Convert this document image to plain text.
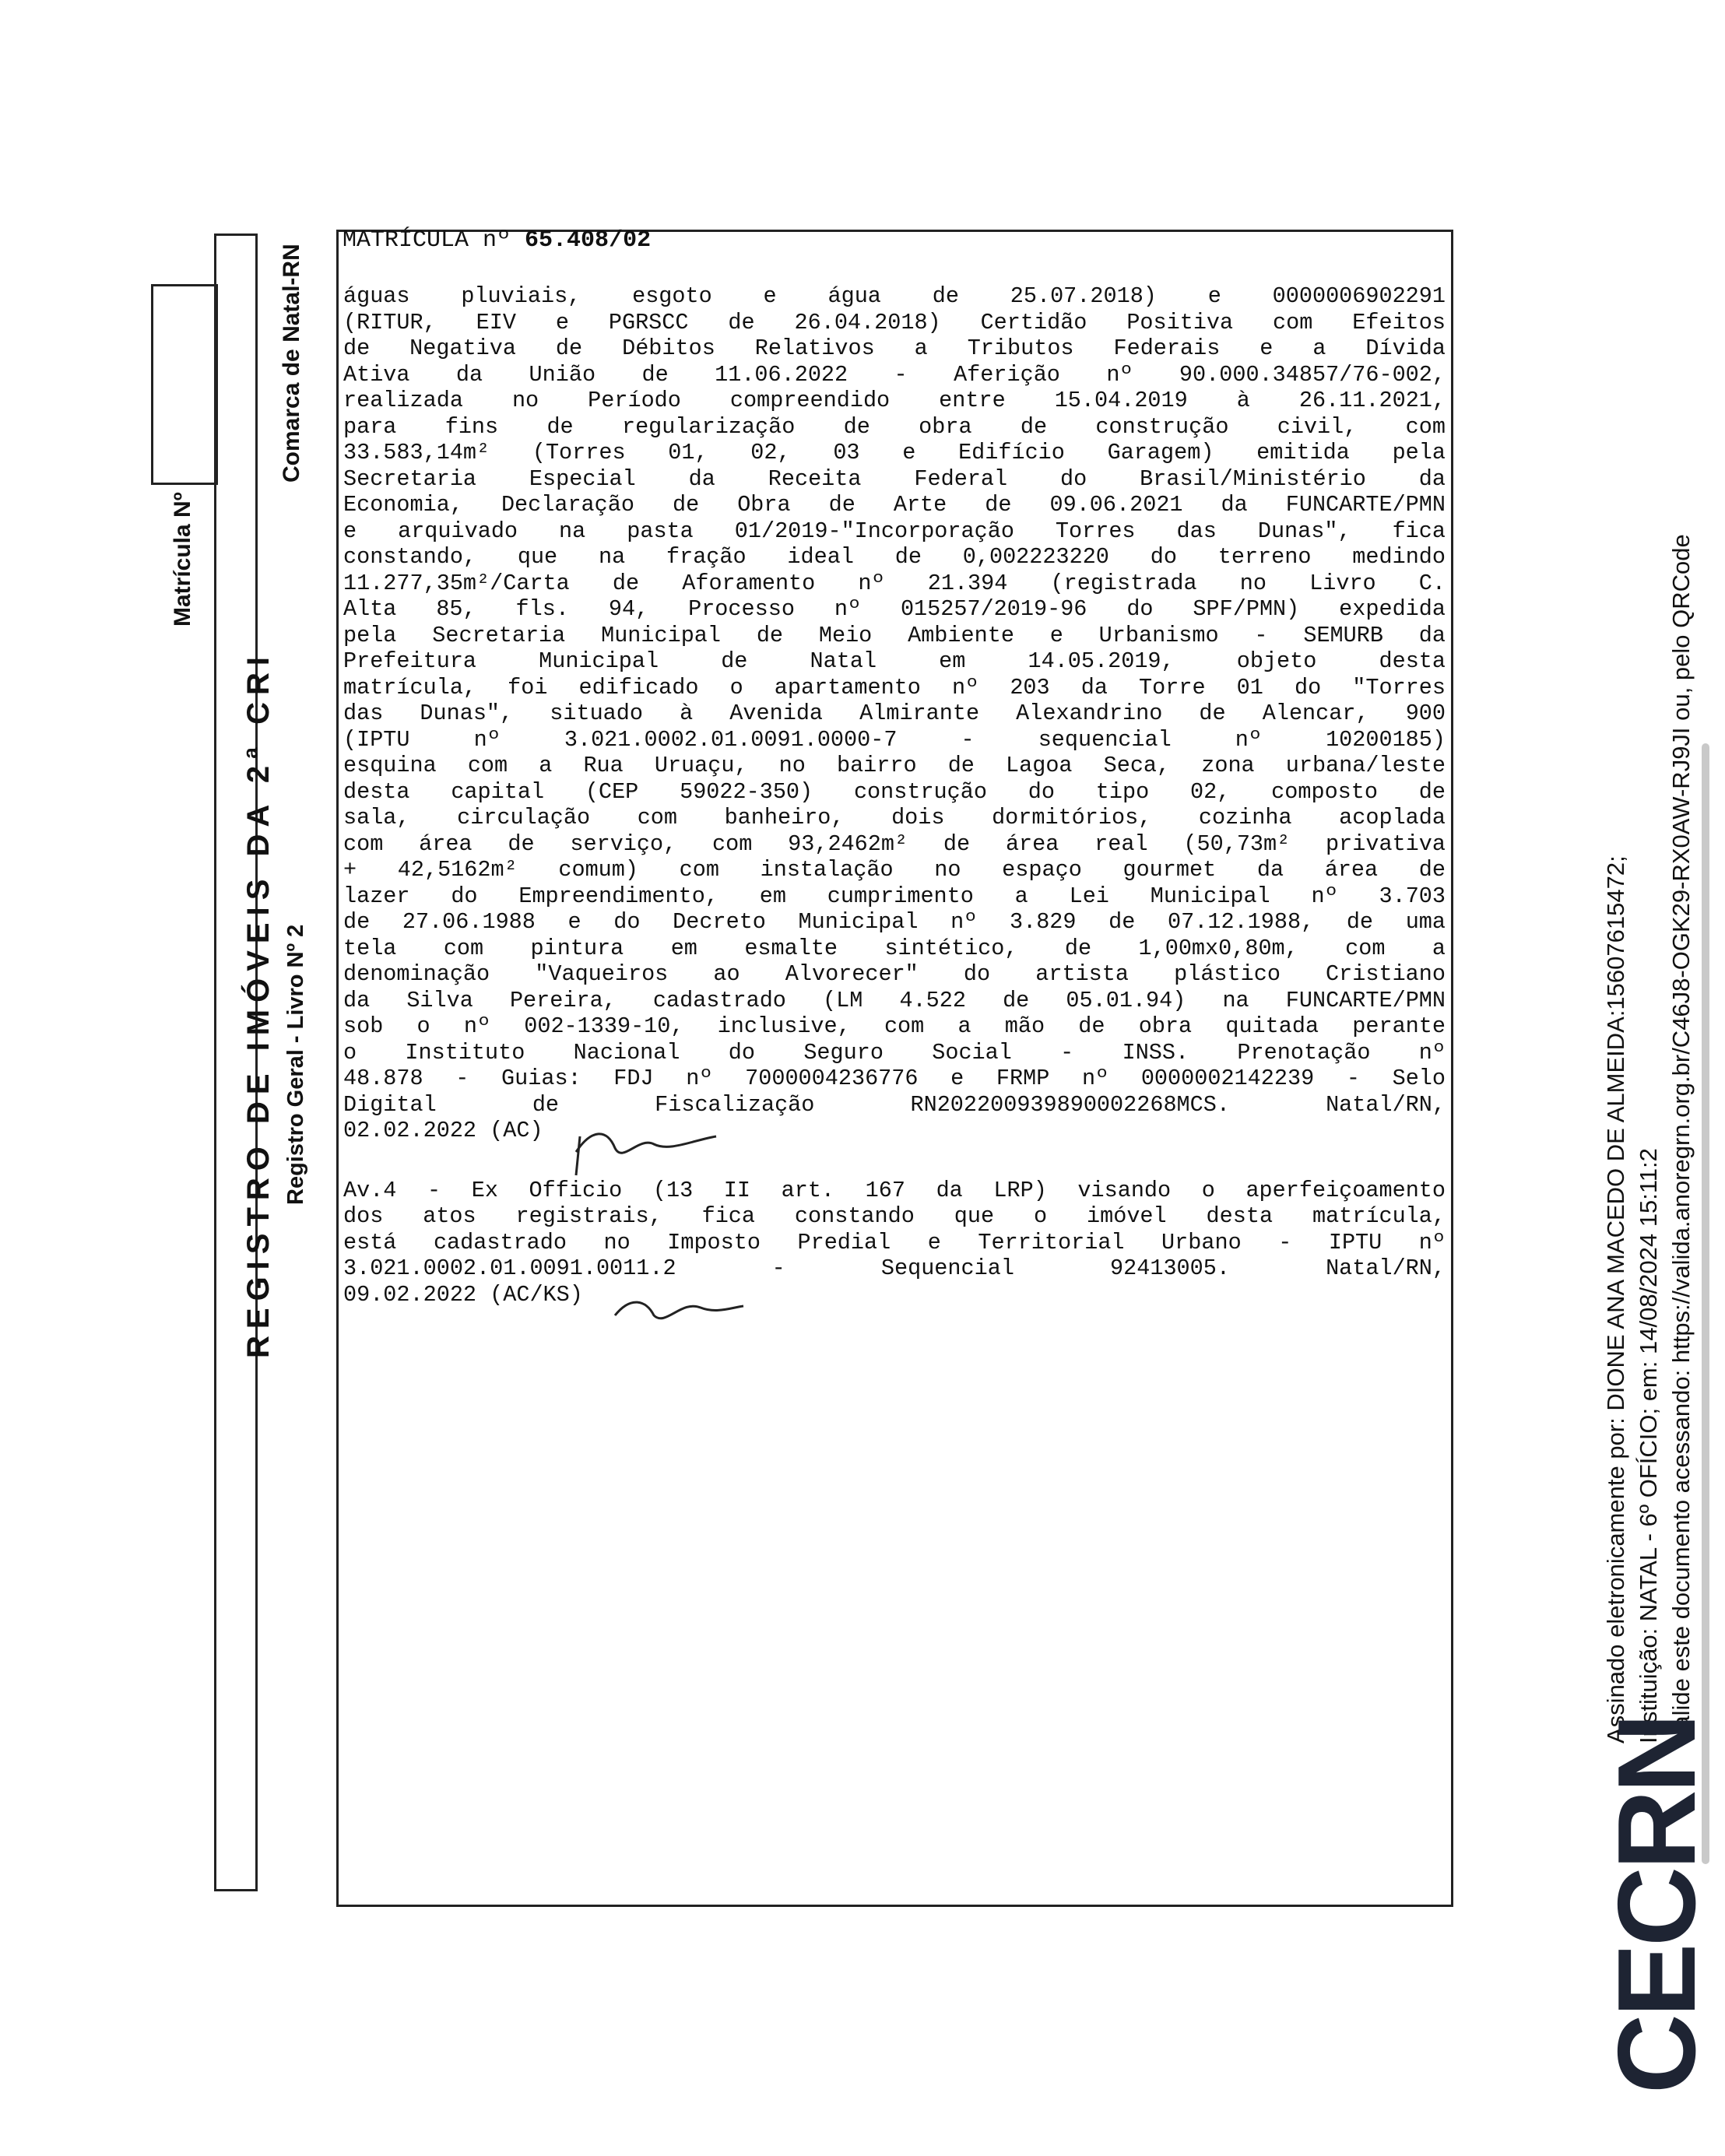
Matrícula Nº
Comarca de Natal-RN
REGISTRO DE IMÓVEIS DA 2ª CRI Registro Geral - Livro Nº 2
MATRÍCULA nº 65.408/02
águas pluviais, esgoto e água de 25.07.2018) e 0000006902291
(RITUR, EIV e PGRSCC de 26.04.2018) Certidão Positiva com Efeitos
de Negativa de Débitos Relativos a Tributos Federais e a Dívida
Ativa da União de 11.06.2022 - Aferição nº 90.000.34857/76-002,
realizada no Período compreendido entre 15.04.2019 à 26.11.2021,
para fins de regularização de obra de construção civil, com
33.583,14m² (Torres 01, 02, 03 e Edifício Garagem) emitida pela
Secretaria Especial da Receita Federal do Brasil/Ministério da
Economia, Declaração de Obra de Arte de 09.06.2021 da FUNCARTE/PMN
e arquivado na pasta 01/2019-"Incorporação Torres das Dunas", fica
constando, que na fração ideal de 0,002223220 do terreno medindo
11.277,35m²/Carta de Aforamento nº 21.394 (registrada no Livro C.
Alta 85, fls. 94, Processo nº 015257/2019-96 do SPF/PMN) expedida
pela Secretaria Municipal de Meio Ambiente e Urbanismo - SEMURB da
Prefeitura Municipal de Natal em 14.05.2019, objeto desta
matrícula, foi edificado o apartamento nº 203 da Torre 01 do "Torres
das Dunas", situado à Avenida Almirante Alexandrino de Alencar, 900
(IPTU nº 3.021.0002.01.0091.0000-7 - sequencial nº 10200185)
esquina com a Rua Uruaçu, no bairro de Lagoa Seca, zona urbana/leste
desta capital (CEP 59022-350) construção do tipo 02, composto de
sala, circulação com banheiro, dois dormitórios, cozinha acoplada
com área de serviço, com 93,2462m² de área real (50,73m² privativa
+ 42,5162m² comum) com instalação no espaço gourmet da área de
lazer do Empreendimento, em cumprimento a Lei Municipal nº 3.703
de 27.06.1988 e do Decreto Municipal nº 3.829 de 07.12.1988, de uma
tela com pintura em esmalte sintético, de 1,00mx0,80m, com a
denominação "Vaqueiros ao Alvorecer" do artista plástico Cristiano
da Silva Pereira, cadastrado (LM 4.522 de 05.01.94) na FUNCARTE/PMN
sob o nº 002-1339-10, inclusive, com a mão de obra quitada perante
o Instituto Nacional do Seguro Social - INSS. Prenotação nº
48.878 - Guias: FDJ nº 7000004236776 e FRMP nº 0000002142239 - Selo
Digital de Fiscalização RN20220093989000226​8MCS. Natal/RN,
02.02.2022 (AC)
Av.4 - Ex Officio (13 II art. 167 da LRP) visando o aperfeiçoamento
dos atos registrais, fica constando que o imóvel desta matrícula,
está cadastrado no Imposto Predial e Territorial Urbano - IPTU nº
3.021.0002.01.0091.0011.2 - Sequencial 92413005. Natal/RN,
09.02.2022 (AC/KS)	Assinado eletronicamente por: DIONE ANA MACEDO DE ALMEIDA:15607615472; Instituição: NATAL - 6º OFÍCIO; em: 14/08/2024 15:11:2 Valide este documento acessando: https://valida.anoregrn.org.br/C46J8-OGK29-RX0AW-RJ9JI ou, pelo QRCode
CECRN
